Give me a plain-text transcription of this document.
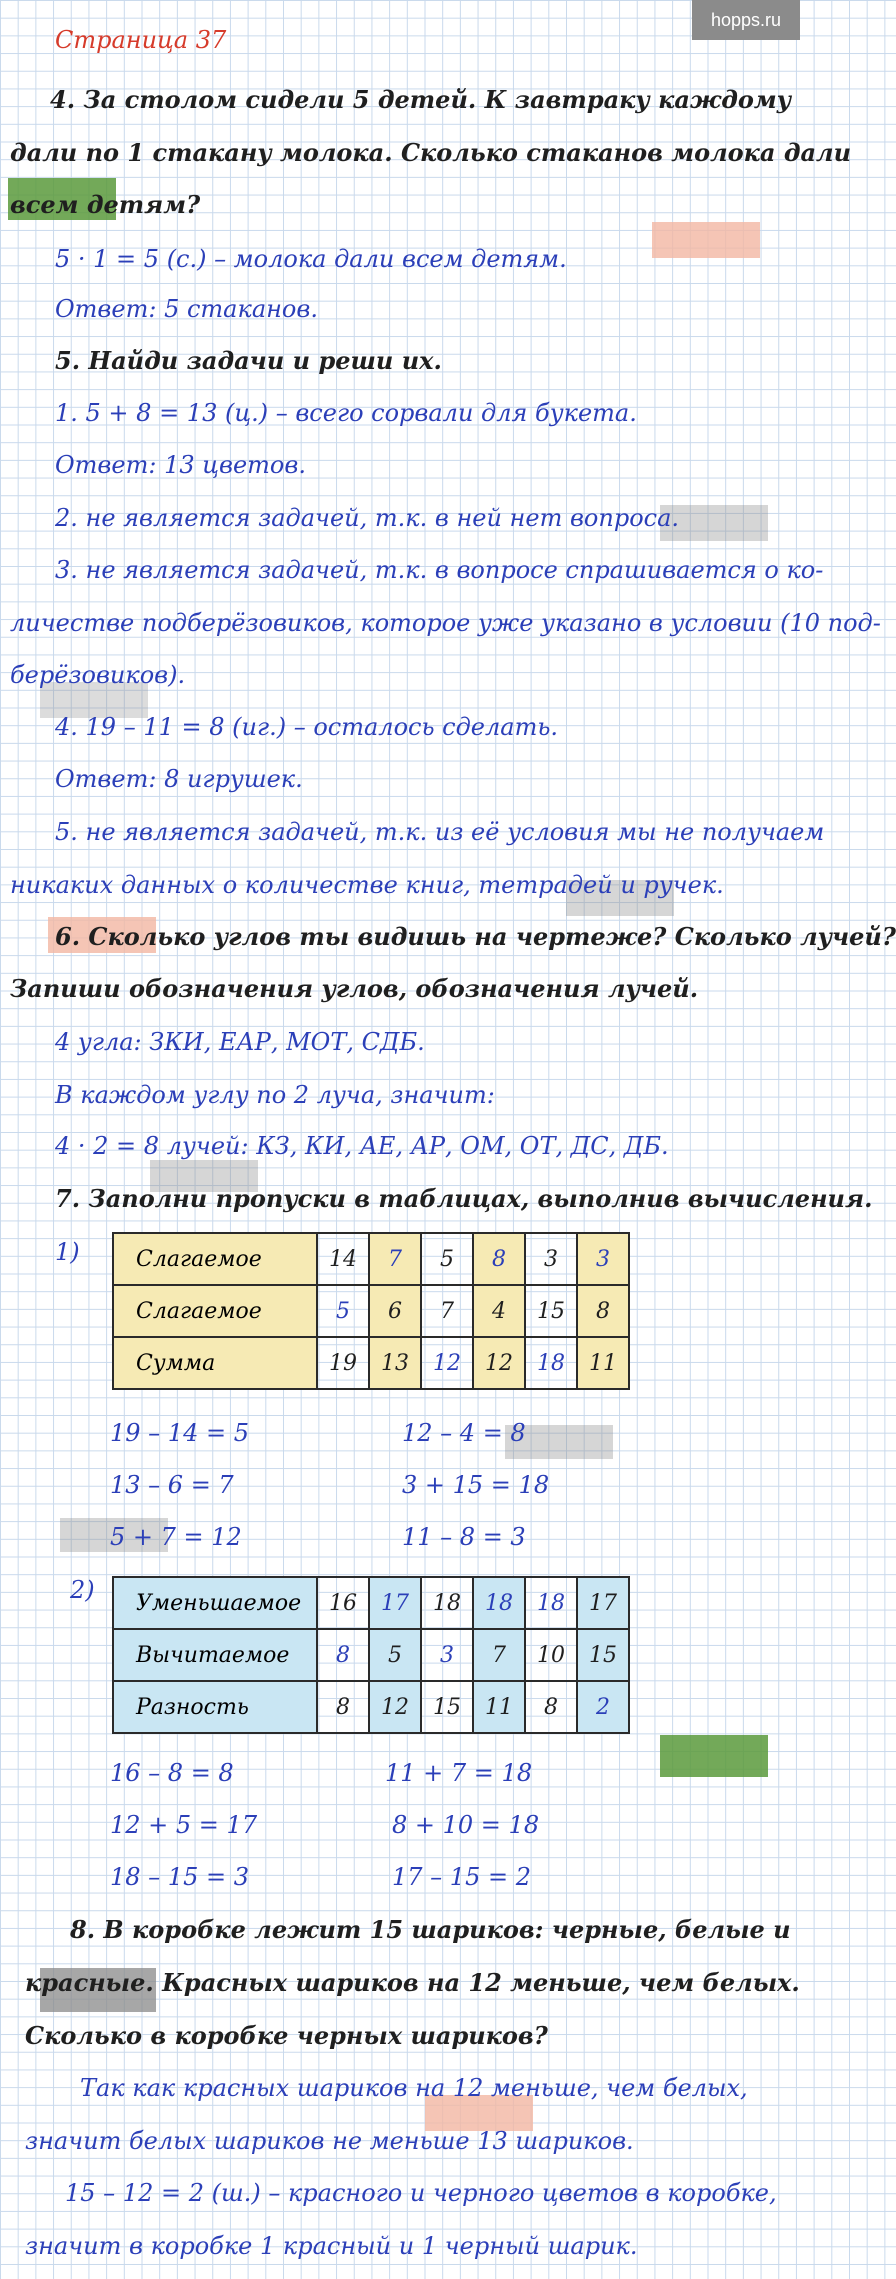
hopps.ru
Страница 37
4. За столом сидели 5 детей. К завтраку каждому
дали по 1 стакану молока. Сколько стаканов молока дали
всем детям?
5 · 1 = 5 (с.) – молока дали всем детям.
Ответ: 5 стаканов.
5. Найди задачи и реши их.
1. 5 + 8 = 13 (ц.) – всего сорвали для букета.
Ответ: 13 цветов.
2. не является задачей, т.к. в ней нет вопроса.
3. не является задачей, т.к. в вопросе спрашивается о ко-
личестве подберёзовиков, которое уже указано в условии (10 под-
берёзовиков).
4. 19 – 11 = 8 (иг.) – осталось сделать.
Ответ: 8 игрушек.
5. не является задачей, т.к. из её условия мы не получаем
никаких данных о количестве книг, тетрадей и ручек.
6. Сколько углов ты видишь на чертеже? Сколько лучей?
Запиши обозначения углов, обозначения лучей.
4 угла: ЗКИ, ЕАР, МОТ, СДБ.
В каждом углу по 2 луча, значит:
4 · 2 = 8 лучей: КЗ, КИ, АЕ, АР, ОМ, ОТ, ДС, ДБ.
7. Заполни пропуски в таблицах, выполнив вычисления.
1)	Слагаемое	14	7	5	8	3	3
Слагаемое	5	6	7	4	15	8
Сумма	19	13	12	12	18	11
19 – 14 = 5
13 – 6 = 7
5 + 7 = 12
12 – 4 = 8
3 + 15 = 18
11 – 8 = 3
2) Уменьшаемое	16	17	18	18	18	17
Вычитаемое	8	5	3	7	10	15
Разность	8	12	15	11	8	2
16 – 8 = 8
12 + 5 = 17
18 – 15 = 3
11 + 7 = 18
8 + 10 = 18
17 – 15 = 2
8. В коробке лежит 15 шариков: черные, белые и
красные. Красных шариков на 12 меньше, чем белых.
Сколько в коробке черных шариков?
Так как красных шариков на 12 меньше, чем белых,
значит белых шариков не меньше 13 шариков.
15 – 12 = 2 (ш.) – красного и черного цветов в коробке,
значит в коробке 1 красный и 1 черный шарик.
